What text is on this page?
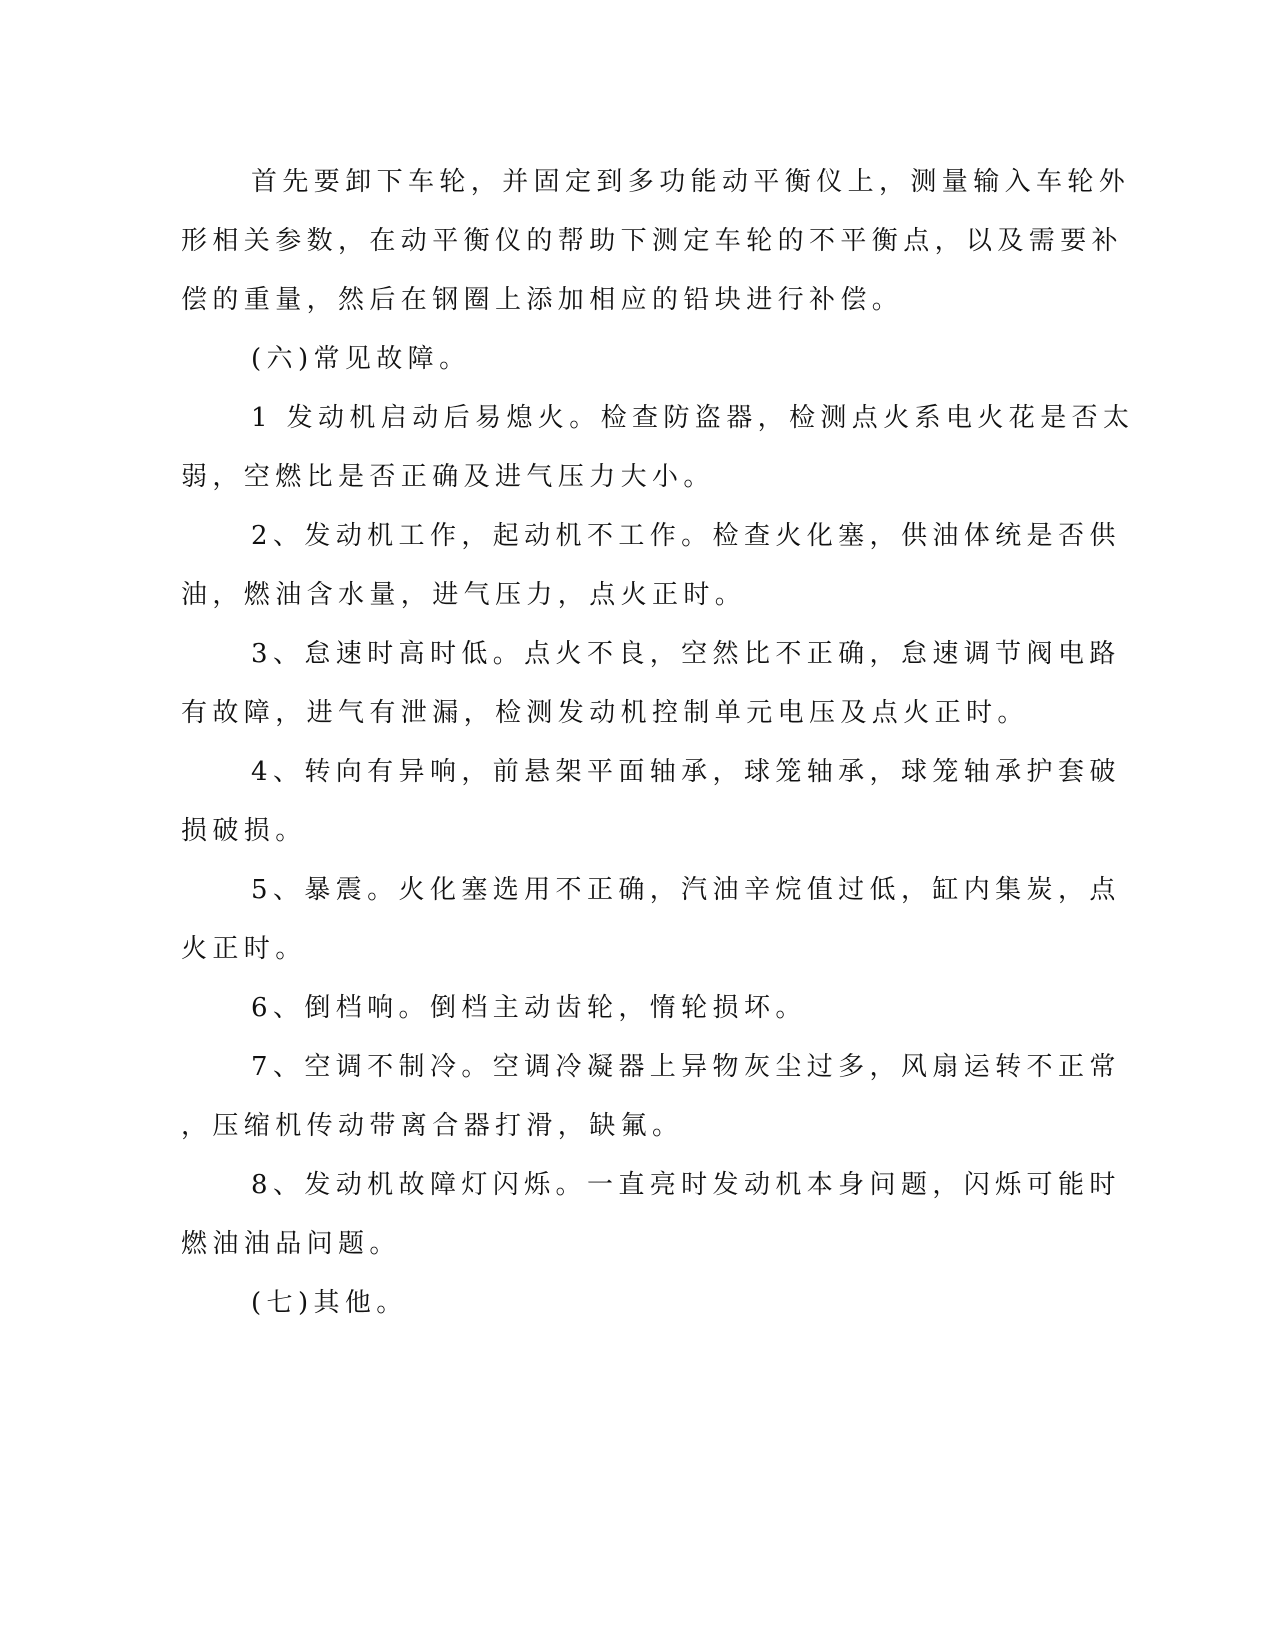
首先要卸下车轮，并固定到多功能动平衡仪上，测量输入车轮外
形相关参数，在动平衡仪的帮助下测定车轮的不平衡点，以及需要补
偿的重量，然后在钢圈上添加相应的铅块进行补偿。
(六)常见故障。
1 发动机启动后易熄火。检查防盗器，检测点火系电火花是否太
弱，空燃比是否正确及进气压力大小。
2、发动机工作，起动机不工作。检查火化塞，供油体统是否供
油，燃油含水量，进气压力，点火正时。
3、怠速时高时低。点火不良，空然比不正确，怠速调节阀电路
有故障，进气有泄漏，检测发动机控制单元电压及点火正时。
4、转向有异响，前悬架平面轴承，球笼轴承，球笼轴承护套破
损破损。
5、暴震。火化塞选用不正确，汽油辛烷值过低，缸内集炭，点
火正时。
6、倒档响。倒档主动齿轮，惰轮损坏。
7、空调不制冷。空调冷凝器上异物灰尘过多，风扇运转不正常
，压缩机传动带离合器打滑，缺氟。
8、发动机故障灯闪烁。一直亮时发动机本身问题，闪烁可能时
燃油油品问题。
(七)其他。
